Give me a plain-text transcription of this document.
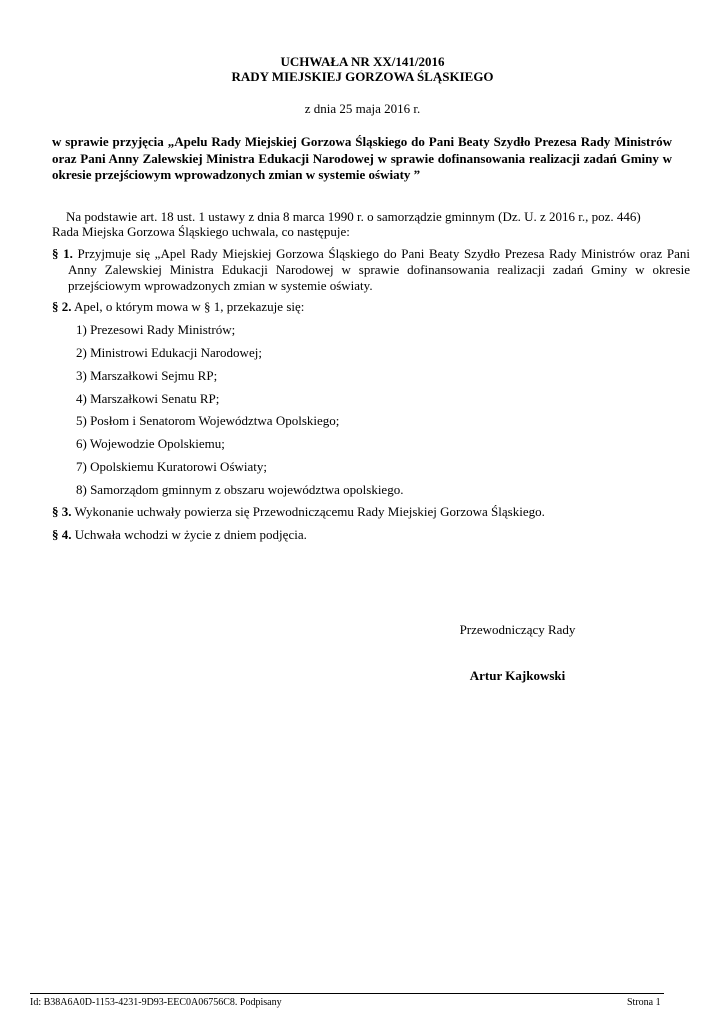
UCHWAŁA NR XX/141/2016
RADY MIEJSKIEJ GORZOWA ŚLĄSKIEGO
z dnia 25 maja 2016 r.
w sprawie przyjęcia „Apelu Rady Miejskiej Gorzowa Śląskiego do Pani Beaty Szydło Prezesa Rady Ministrów oraz Pani Anny Zalewskiej Ministra Edukacji Narodowej w sprawie dofinansowania realizacji zadań Gminy w okresie przejściowym wprowadzonych zmian w systemie oświaty ”
Na podstawie art. 18 ust. 1 ustawy z dnia 8 marca 1990 r. o samorządzie gminnym (Dz. U. z 2016 r., poz. 446)
Rada Miejska Gorzowa Śląskiego uchwala, co następuje:
§ 1. Przyjmuje się „Apel Rady Miejskiej Gorzowa Śląskiego do Pani Beaty Szydło Prezesa Rady Ministrów oraz Pani Anny Zalewskiej Ministra Edukacji Narodowej w sprawie dofinansowania realizacji zadań Gminy w okresie przejściowym wprowadzonych zmian w systemie oświaty.
§ 2. Apel, o którym mowa w § 1, przekazuje się:
1) Prezesowi Rady Ministrów;
2) Ministrowi Edukacji Narodowej;
3) Marszałkowi Sejmu RP;
4) Marszałkowi Senatu RP;
5) Posłom i Senatorom Województwa Opolskiego;
6) Wojewodzie Opolskiemu;
7) Opolskiemu Kuratorowi Oświaty;
8) Samorządom gminnym z obszaru województwa opolskiego.
§ 3. Wykonanie uchwały powierza się Przewodniczącemu Rady Miejskiej Gorzowa Śląskiego.
§ 4. Uchwała wchodzi w życie z dniem podjęcia.
Przewodniczący Rady
Artur Kajkowski
Id: B38A6A0D-1153-4231-9D93-EEC0A06756C8. Podpisany	Strona 1
